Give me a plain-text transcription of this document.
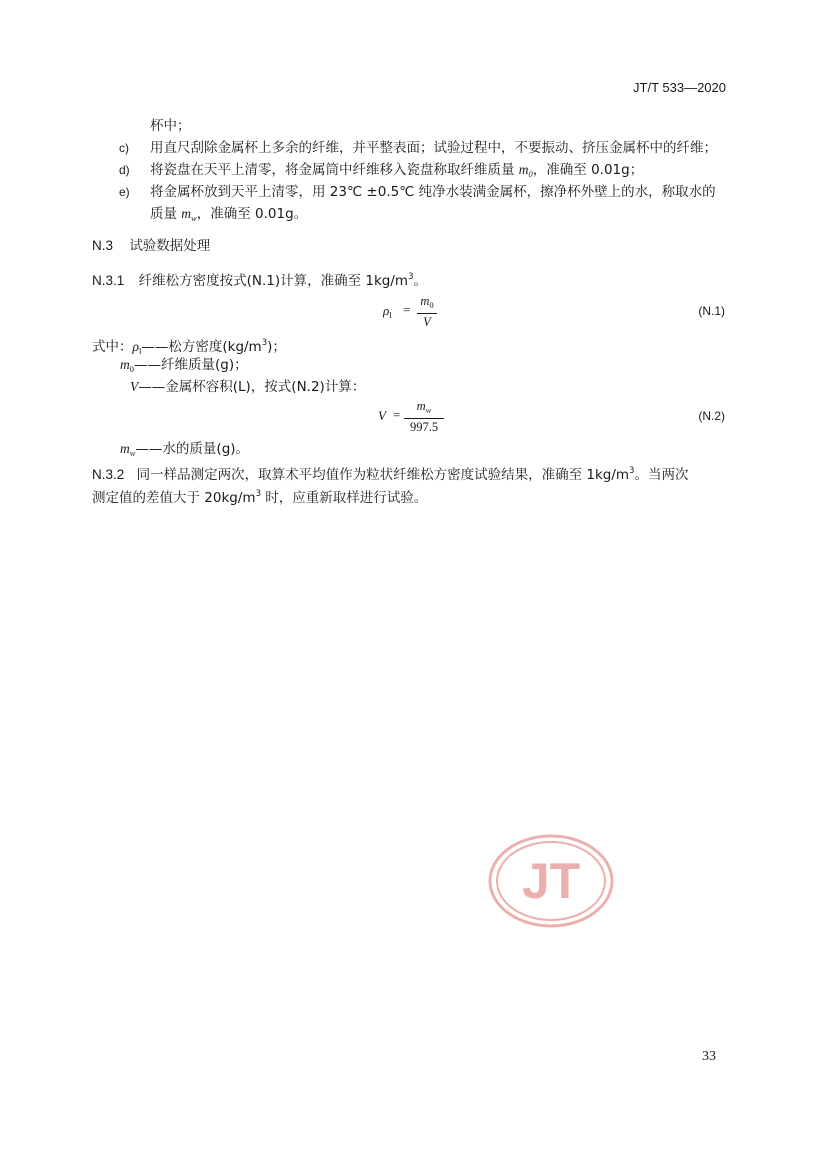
JT/T 533—2020
杯中；
c) 用直尺刮除金属杯上多余的纤维，并平整表面；试验过程中，不要振动、挤压金属杯中的纤维；
d) 将瓷盘在天平上清零，将金属筒中纤维移入瓷盘称取纤维质量 $m_0$，准确至 0.01g；
e) 将金属杯放到天平上清零，用 23℃ ±0.5℃ 纯净水装满金属杯，擦净杯外壁上的水，称取水的
质量 $m_w$，准确至 0.01g。
N.3 试验数据处理
N.3.1 纤维松方密度按式(N.1)计算，准确至 $1kg/m^3$。
$\rho_l$ =
$m_0$
V
(N.1)
式中：$\rho_l——$松方密度$(kg/m^3)$；
$m_0——$纤维质量(g)；
V——金属杯容积(L)，按式(N.2)计算：
V =
$m_w$
997.5
(N.2)
$m_w——$水的质量(g)。
N.3.2 同一样品测定两次，取算术平均值作为粒状纤维松方密度试验结果，准确至 $1kg/m^3$。当两次
测定值的差值大于 $20kg/m^3$ 时，应重新取样进行试验。
JT
33
